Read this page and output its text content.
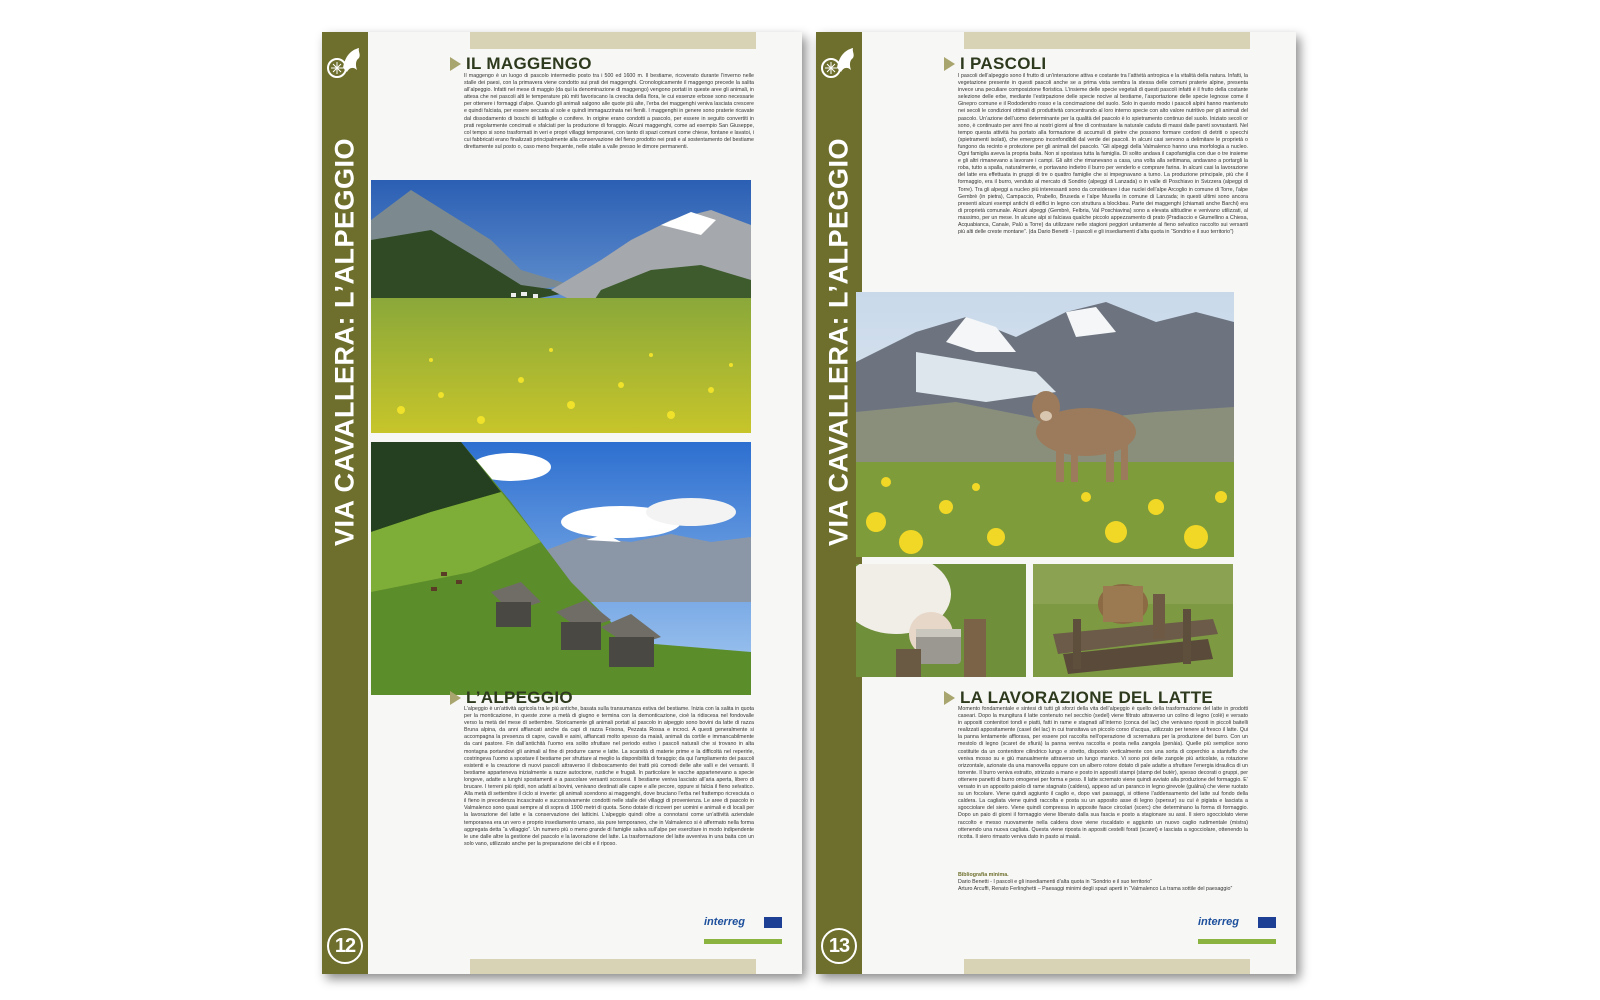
VIA CAVALLERA: L’ALPEGGIO
12
IL MAGGENGO
Il maggengo è un luogo di pascolo intermedio posto tra i 500 ed 1600 m. Il bestiame, ricoverato durante l’inverno nelle stalle dei paesi, con la primavera viene condotto sui prati dei maggenghi. Cronologicamente il maggengo precede la salita all’alpeggio. Infatti nel mese di maggio (da qui la denominazione di maggengo) vengono portati in queste aree gli animali, in attesa che nei pascoli alti le temperature più miti favoriscano la crescita della flora, le cui essenze erbose sono necessarie per ottenere i formaggi d’alpe. Quando gli animali salgono alle quote più alte, l’erba dei maggenghi veniva lasciata crescere e quindi falciata, per essere seccata al sole e quindi immagazzinata nei fienili. I maggenghi in genere sono praterie ricavate dal dissodamento di boschi di latifoglie o conifere. In origine erano condotti a pascolo, per essere in seguito convertiti in prati regolarmente concimati e sfalciati per la produzione di foraggio. Alcuni maggenghi, come ad esempio San Giuseppe, col tempo si sono trasformati in veri e propri villaggi temporanei, con tanto di spazi comuni come chiese, fontane e lavatoi, i cui fabbricati erano finalizzati principalmente alla conservazione del fieno prodotto nei prati e al sostentamento del bestiame direttamente sul posto o, caso meno frequente, nelle stalle a valle presso le dimore permanenti.
L’ALPEGGIO
L’alpeggio è un’attività agricola tra le più antiche, basata sulla transumanza estiva del bestiame. Inizia con la salita in quota per la monticazione, in queste zone a metà di giugno e termina con la demonticazione, cioè la ridiscesa nel fondovalle verso la metà del mese di settembre. Storicamente gli animali portati al pascolo in alpeggio sono bovini da latte di razza Bruna alpina, da anni affiancati anche da capi di razza Frisona, Pezzata Rossa e incroci. A questi generalmente si accompagna la presenza di capre, cavalli e asini, affiancati molto spesso da maiali, animali da cortile e immancabilmente da cani pastore. Fin dall’antichità l’uomo era solito sfruttare nel periodo estivo i pascoli naturali che si trovano in alta montagna portandovi gli animali al fine di produrre carne e latte. La scarsità di materie prime e la difficoltà nel reperirle, costringeva l’uomo a spostare il bestiame per sfruttare al meglio la disponibilità di foraggio; da qui l’ampliamento dei pascoli esistenti e la creazione di nuovi pascoli attraverso il disboscamento dei tratti più comodi delle alte valli e dei versanti. Il bestiame apparteneva inizialmente a razze autoctone, rustiche e frugali. In particolare le vacche appartenevano a specie longeve, adatte a lunghi spostamenti e a pascolare versanti scoscesi. Il bestiame veniva lasciato all’aria aperta, libero di brucare. I terreni più ripidi, non adatti ai bovini, venivano destinati alle capre e alle pecore, oppure si falcia il fieno selvatico. Alla metà di settembre il ciclo si inverte: gli animali scendono ai maggenghi, dove bruciano l’erba nel frattempo ricresciuta o il fieno in precedenza incascinato e successivamente condotti nelle stalle dei villaggi di provenienza. Le aree di pascolo in Valmalenco sono quasi sempre al di sopra di 1900 metri di quota. Sono dotate di ricoveri per uomini e animali e di locali per la lavorazione del latte e la conservazione dei latticini. L’alpeggio quindi oltre a connotarsi come un’attività aziendale temporanea era un vero e proprio insediamento umano, sia pure temporaneo, che in Valmalenco si è affermato nella forma aggregata detta “a villaggio”. Un numero più o meno grande di famiglie saliva sull’alpe per esercitare in modo indipendente le une dalle altre la gestione del pascolo e la lavorazione del latte. La trasformazione del latte avveniva in una baita con un solo vano, utilizzato anche per la preparazione dei cibi e il riposo.
interreg
VIA CAVALLERA: L’ALPEGGIO
13
I PASCOLI
I pascoli dell’alpeggio sono il frutto di un’interazione attiva e costante tra l’attività antropica e la vitalità della natura. Infatti, la vegetazione presente in questi pascoli anche se a prima vista sembra la stessa delle comuni praterie alpine, presenta invece una peculiare composizione floristica. L’insieme delle specie vegetali di questi pascoli infatti è il frutto della costante selezione delle erbe, mediante l’estirpazione delle specie nocive al bestiame, l’asportazione delle specie legnose come il Ginepro comune e il Rododendro rosso e la concimazione del suolo. Solo in questo modo i pascoli alpini hanno mantenuto nei secoli le condizioni ottimali di produttività concentrando al loro interno specie con alto valore nutritivo per gli animali del pascolo. Un’azione dell’uomo determinante per la qualità del pascolo è lo spietramento continuo del suolo. Iniziato secoli or sono, è continuato per anni fino ai nostri giorni al fine di contrastare la naturale caduta di massi dalle pareti sovrastanti. Nel tempo questa attività ha portato alla formazione di accumuli di pietre che possono formare cordoni di detriti o specchi (spietramenti isolati), che emergono inconfondibili dal verde dei pascoli. In alcuni casi servono a delimitare le proprietà o fungono da recinto e protezione per gli animali del pascolo. “Gli alpeggi della Valmalenco hanno una morfologia a nucleo. Ogni famiglia aveva la propria baita. Non si spostava tutta la famiglia. Di solito andava il capofamiglia con due o tre insieme e gli altri rimanevano a lavorare i campi. Gli altri che rimanevano a casa, una volta alla settimana, andavano a portargli la roba, tutto a spalla, naturalmente, e portavano indietro il burro per venderlo e comprare farina. In alcuni casi la lavorazione del latte era effettuata in gruppi di tre o quattro famiglie che si impegnavano a turno. La produzione principale, più che il formaggio, era il burro, venduto al mercato di Sondrio (alpeggi di Lanzada) o in valle di Poschiavo in Svizzera (alpeggi di Torre). Tra gli alpeggi a nucleo più interessanti sono da considerare i due nuclei dell’alpe Arcoglio in comune di Torre, l’alpe Gembrè (in pietra), Campaccio, Prabello, Bruseda e l’alpe Musella in comune di Lanzada; in questi ultimi sono ancora presenti alcuni esempi antichi di edifici in legno con struttura a blockbau. Parte dei maggenghi (chiamati anche Barchi) era di proprietà comunale. Alcuni alpeggi (Gembrè, Felbria, Val Poschiavina) sono a elevata altitudine e venivano utilizzati, al massimo, per un mese. In alcune alpi si falciava qualche piccolo appezzamento di prato (Pradiaccio e Giumellino a Chiesa, Acquabianca, Canale, Palù a Torre) da utilizzare nelle stagioni peggiori unitamente al fieno selvatico raccolto sui versanti più alti delle creste montane”. (da Dario Benetti - I pascoli e gli insediamenti d’alta quota in “Sondrio e il suo territorio”)
LA LAVORAZIONE DEL LATTE
Momento fondamentale e sintesi di tutti gli sforzi della vita dell’alpeggio è quello della trasformazione del latte in prodotti caseari. Dopo la mungitura il latte contenuto nel secchio (sedel) viene filtrato attraverso un colino di legno (colè) e versato in appositi contenitori tondi e piatti, fatti in rame e stagnati all’interno (conca del lac) che venivano riposti in piccoli baitelli realizzati appositamente (casel del lac) in cui transitava un piccolo corso d’acqua, utilizzato per tenere al fresco il latte. Qui la panna lentamente affiorava, per essere poi raccolta nell’operazione di scrematura per la produzione del burro. Con un mestolo di legno (scaret de sfiurà) la panna veniva raccolta e posta nella zangola (penàia). Quelle più semplice sono costituite da un contenitore cilindrico lungo e stretto, disposto verticalmente con una sorta di coperchio a stantuffo che veniva mosso su e giù manualmente attraverso un lungo manico. Vi sono poi delle zangole più articolate, a rotazione orizzontale, azionate da una manovella oppure con un albero rotore dotato di pale adatte a sfruttare l’energia idraulica di un torrente. Il burro veniva estratto, strizzato a mano e posto in appositi stampi (stamp del butér), spesso decorati o gruppi, per ottenere panetti di burro omogenei per forma e peso. Il latte scremato viene quindi avviato alla produzione del formaggio. E’ versato in un apposito paiolo di rame stagnato (caldera), appeso ad un paranco in legno girevole (guàlna) che viene ruotato su un focolare. Viene quindi aggiunto il caglio e, dopo vari passaggi, si ottiene l’addensamento del latte sul fondo della caldera. La cagliata viene quindi raccolta e posta su un apposito asse di legno (spersur) su cui è pigiata e lasciata a sgocciolare del siero. Viene quindi compressa in apposite fasce circolari (scerc) che determinano la forma di formaggio. Dopo un paio di giorni il formaggio viene liberato dalla sua fascia e posto a stagionare su assi. Il siero sgocciolato viene raccolto e messo nuovamente nella caldera dove viene riscaldato e aggiunto un nuovo caglio rudimentale (mistra) ottenendo una nuova cagliata. Questa viene riposta in appositi cestelli forati (scaret) e lasciata a sgocciolare, ottenendo la ricotta. Il siero rimasto veniva dato in pasto ai maiali.
Bibliografia minima.
Dario Benetti - I pascoli e gli insediamenti d’alta quota in “Sondrio e il suo territorio”
Arturo Arcuffi, Renato Ferlinghetti – Paesaggi minimi degli spazi aperti in “Valmalenco La trama sottile del paesaggio”
interreg
